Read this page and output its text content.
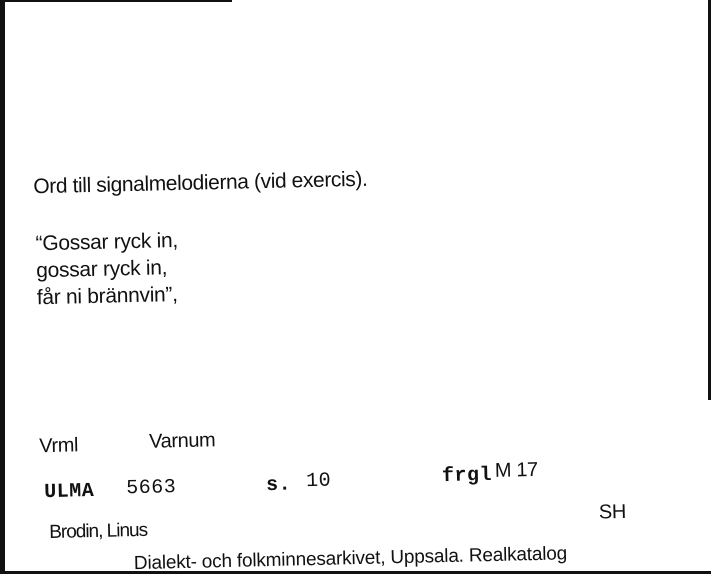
Ord till signalmelodierna (vid exercis).
“Gossar ryck in,
gossar ryck in,
får ni brännvin”,
Vrml	Varnum
ULMA 5663	s. 10	frgl M 17
Brodin, Linus
SH
Dialekt- och folkminnesarkivet, Uppsala. Realkatalog
